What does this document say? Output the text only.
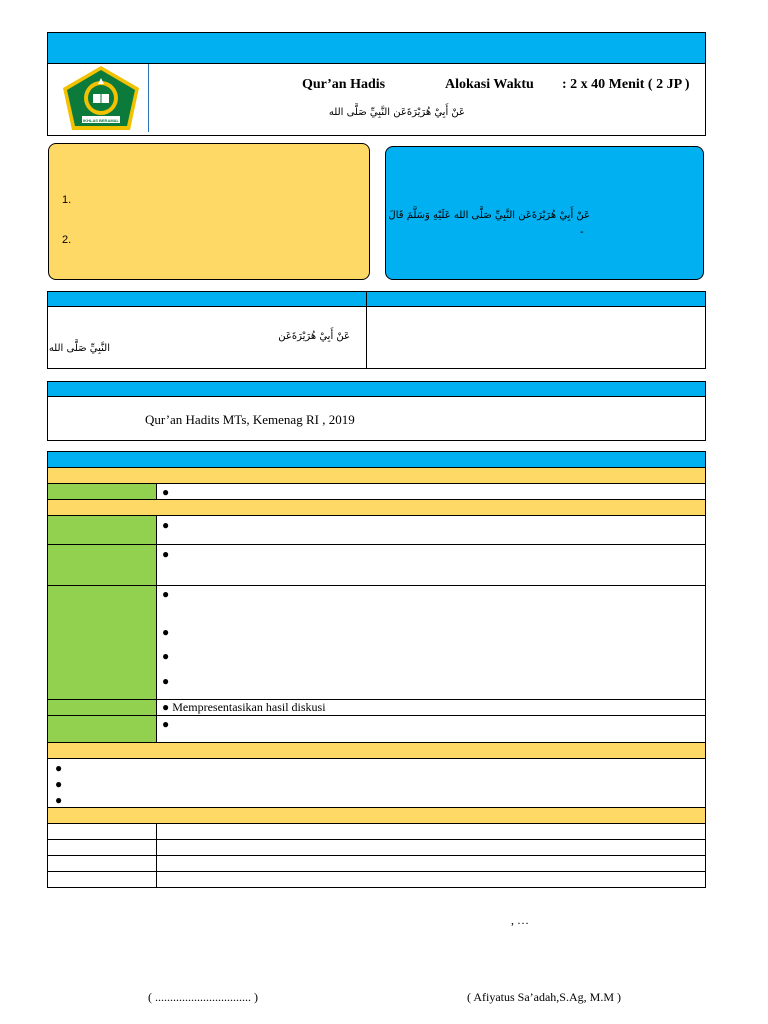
IKHLAS BERAMAL
Qur’an Hadis	Alokasi Waktu : 2 x 40 Menit ( 2 JP )
عَنْ أَبِيْ هُرَيْرَةَعَن النَّبِيِّ صَلَّى الله
1.
2.
عَنْ أَبِيْ هُرَيْرَةَعَن النَّبِيِّ صَلَّى الله عَلَيْهِ وَسَلَّمَ قَالَ
-
عَنْ أَبِيْ هُرَيْرَةَعَن
النَّبِيِّ صَلَّى الله
Qur’an Hadits MTs, Kemenag RI , 2019
●
●
●
●
●
●
●
● Mempresentasikan hasil diskusi
●
●
●
●
, …
( ................................ )	( Afiyatus Sa’adah,S.Ag, M.M )
